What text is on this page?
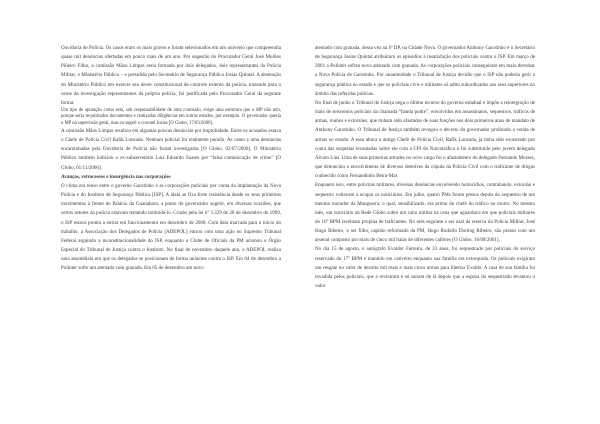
Ouvidoria de Polícia. Os casos eram os mais graves e foram selecionados em um universo que compreendia quase mil denúncias ofertadas em pouco mais de um ano. Por sugestão do Procurador Geral José Muiños Piñeiro Filho, a comissão Mãos Limpas seria formada por dois delegados, dois representantes da Polícia Militar, o Ministério Público – e presidida pelo Secretário de Segurança Pública Josias Quintal. A abstenção do Ministério Público em exercer seu dever constitucional de controle externo da polícia, trazendo para o cerne da investigação representantes da própria polícia, foi justificada pelo Procurador Geral da seguinte forma:

Um tipo de apuração como esta, sob responsabilidade de uma comissão, exige uma estrutura que o MP não tem, porque seria requisitados documentos e realizadas diligências em outros estados, por exemplo. O governador quería o MP na supervisão geral, mas eu sugeri o coronel Josias [O Globo, 17/03/2000].

A comissão Mãos Limpas resultou em algumas poucas denúncias por improbidade. Entre os acusados estava o Chefe de Polícia Civil Rafik Louzada. Nenhum policial foi realmente punido. As canto e uma denúncias encaminhadas pela Ouvidoria de Polícia não foram investigadas [O Globo, 02/07/2000]. O Ministério Público também indiciou o ex-subsecretário Luiz Eduardo Soares por “falsa comunicação de crime” [O Globo, 01/11/2000].

Avanços, retrocessos e insurgência nas corporações

O clima era tenso entre o governo Garotinho e as corporações policiais por conta da implantação da Nova Polícia e do Instituto de Segurança Pública [ISP]. A ideia se fixa forte resistência desde os seus primeiros movimentos à frente do Palácio da Guanabara, a ponto do governador sugerir, em diversas ocasiões, que certos setores da polícia estavam tentando intimidá-lo. Criado pela lei nº 3.329 de 28 de dezembro de 1999, o ISP estava pronto a entrar em funcionamento em dezembro de 2000. Com data marcada para o início do trabalho, a Associação dos Delegados de Polícia [ADEPOL] entrou com uma ação no Supremo Tribunal Federal arguindo a inconstitucionalidade do ISP, enquanto o Clube de Oficiais da PM acionou o Órgão Especial do Tribunal de Justiça contra o Instituto. No final de novembro daquele ano, a ADEPOL realiza uma assembleia em que os delegados se posicionam de forma unânime contra o ISP. Em 04 de dezembro a Polinter sofre um atentado com granada. Em 05 de dezembro um novo

atentado com granada, dessa vez na 6ª DP, na Cidade Nova. O governador Anthony Garotinho e o Secretário de Segurança Josias Quintal atribuíram os episódios à insatisfação dos policiais contra o ISP. Em março de 2001 a Polinter sofreu novo atentado com granada. As corporações policiais conseguiram em maio derrubar a Nova Polícia de Garotinho. Por unanimidade o Tribunal de Justiça decidiu que o ISP não poderia gerir a segurança pública no estado e que os policiais civis e militares só aditu subordinados aos seus superiores no âmbito das referidas polícias.

No final de junho o Tribunal de Justiça nega o último recurso do governo estadual e impõe a reintegração de mais de seiscentos policiais da chamada “banda podre”, envolvidos em assassinatos, sequestros, tráficos de armas, roubos e extorsões, que tinham sido afastados de suas funções nos dois primeiros anos de mandato de Anthony Garotinho. O Tribunal de Justiça também revogou o decreto do governador proibindo a venda de armas no estado. A essa altura o antigo Chefe de Polícia Civil, Rafik Louzada, já tinha sido exonerado por conta das suspeitas levantadas sobre ele com a CPI do Narcotráfico e foi substituído pelo jovem delegado Álvaro Lins. Uma de suas primeiras atitudes no novo cargo foi o afastamento do delegado Fernando Moraes, que denunciou o envolvimento de diversos detetives da cúpula da Polícia Civil com o traficante de drogas conhecido como Fernandinho Beira-Mar.

Enquanto isso, entre policiais militares, diversas denúncias envolvendo homicídios, contrabando, extorsão e sequestro voltavam a ocupar os noticiários. Em julho, quatro PMs foram presos depois do sequestro de um menino morador da Mangueira, o qual, sensibilizado, era primo do chefe do tráfico no morro. No mesmo mês, um noticiário da Rede Globo sobre um cabo militar na cena que aguardava em que policiais militares do 16º BPM recebiam propina de traficantes. No mês seguinte o ser usal da reserva da Polícia Militar, José Hugo Ribeiro, o ser filho, capitão reformado da PM, Hugo Rodolfo Dorting Ribeiro, são presos com um arsenal composto por mais de cinco mil balas de diferentes calibres [O Globo, 16/08/2001].

No dia 15 de agosto, o autógrafo Evaldor Farreira, de 33 anos, foi sequestrado por policiais do serviço reservado do 17º BPM e mantido em cativeiro enquanto sua família era extorquida. Os policiais exigiram um resgate no valor de dezoito mil reais e mais cinco armas para libertar Evaldo. A casa de sua família foi invadida pelos policiais, que a reviraram e só saíram de lá depois que a esposa do sequestrado levantou o valor
